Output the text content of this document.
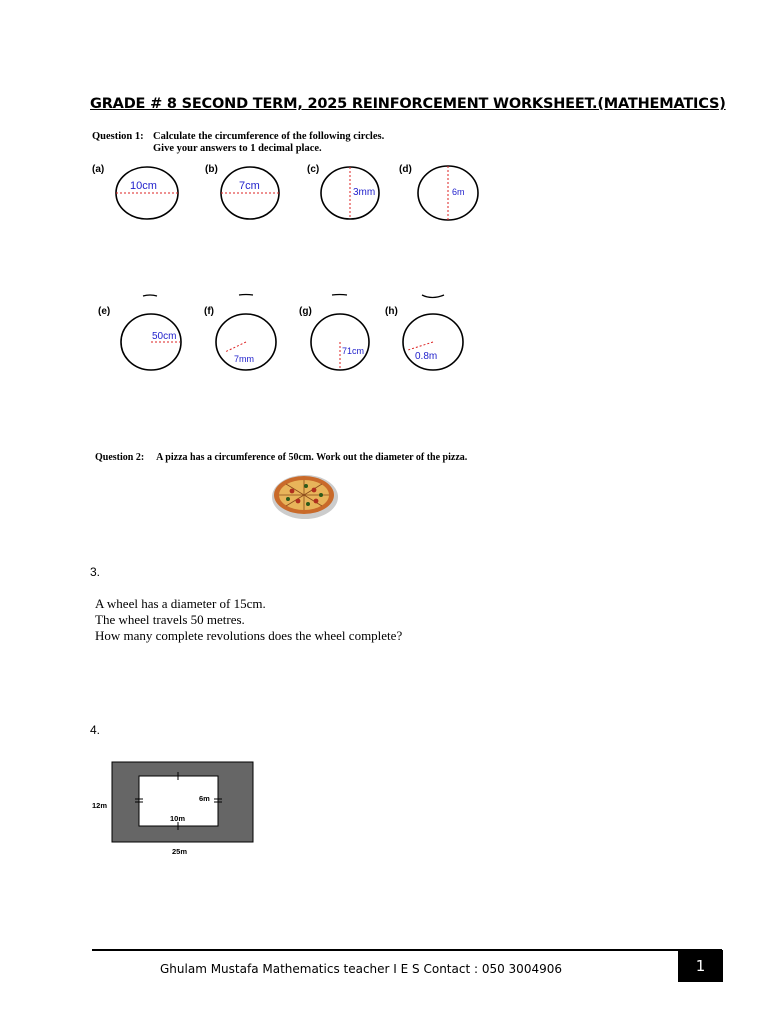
GRADE # 8 SECOND TERM, 2025 REINFORCEMENT WORKSHEET.(MATHEMATICS)
Question 1: Calculate the circumference of the following circles.
Give your answers to 1 decimal place.
(a)
10cm
(b)
7cm
(c)
3mm
(d)
6m
(e)
50cm
(f)
7mm
(g)
71cm
(h)
0.8m
Question 2: A pizza has a circumference of 50cm. Work out the diameter of the pizza.
3.
A wheel has a diameter of 15cm.
The wheel travels 50 metres.
How many complete revolutions does the wheel complete?
4.
12m
6m
10m
25m
Ghulam Mustafa Mathematics teacher I E S Contact : 050 3004906	1
